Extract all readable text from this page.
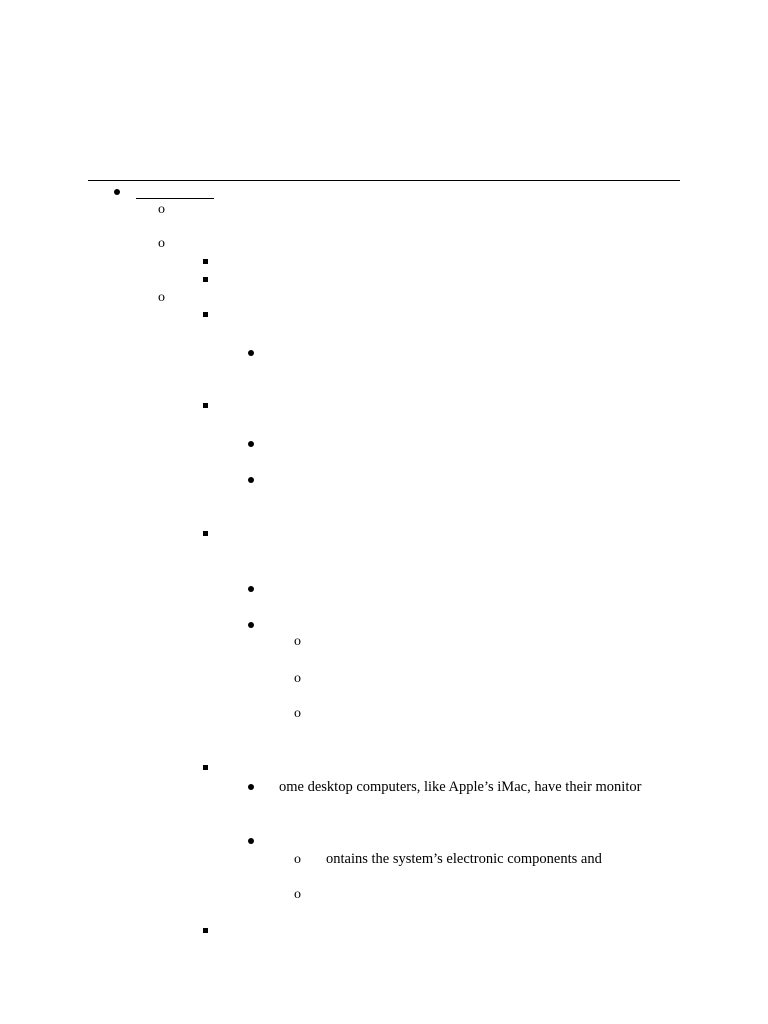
o
o
o
o
o
o
ome desktop computers, like Apple’s iMac, have their monitor
o ontains the system’s electronic components and
o
